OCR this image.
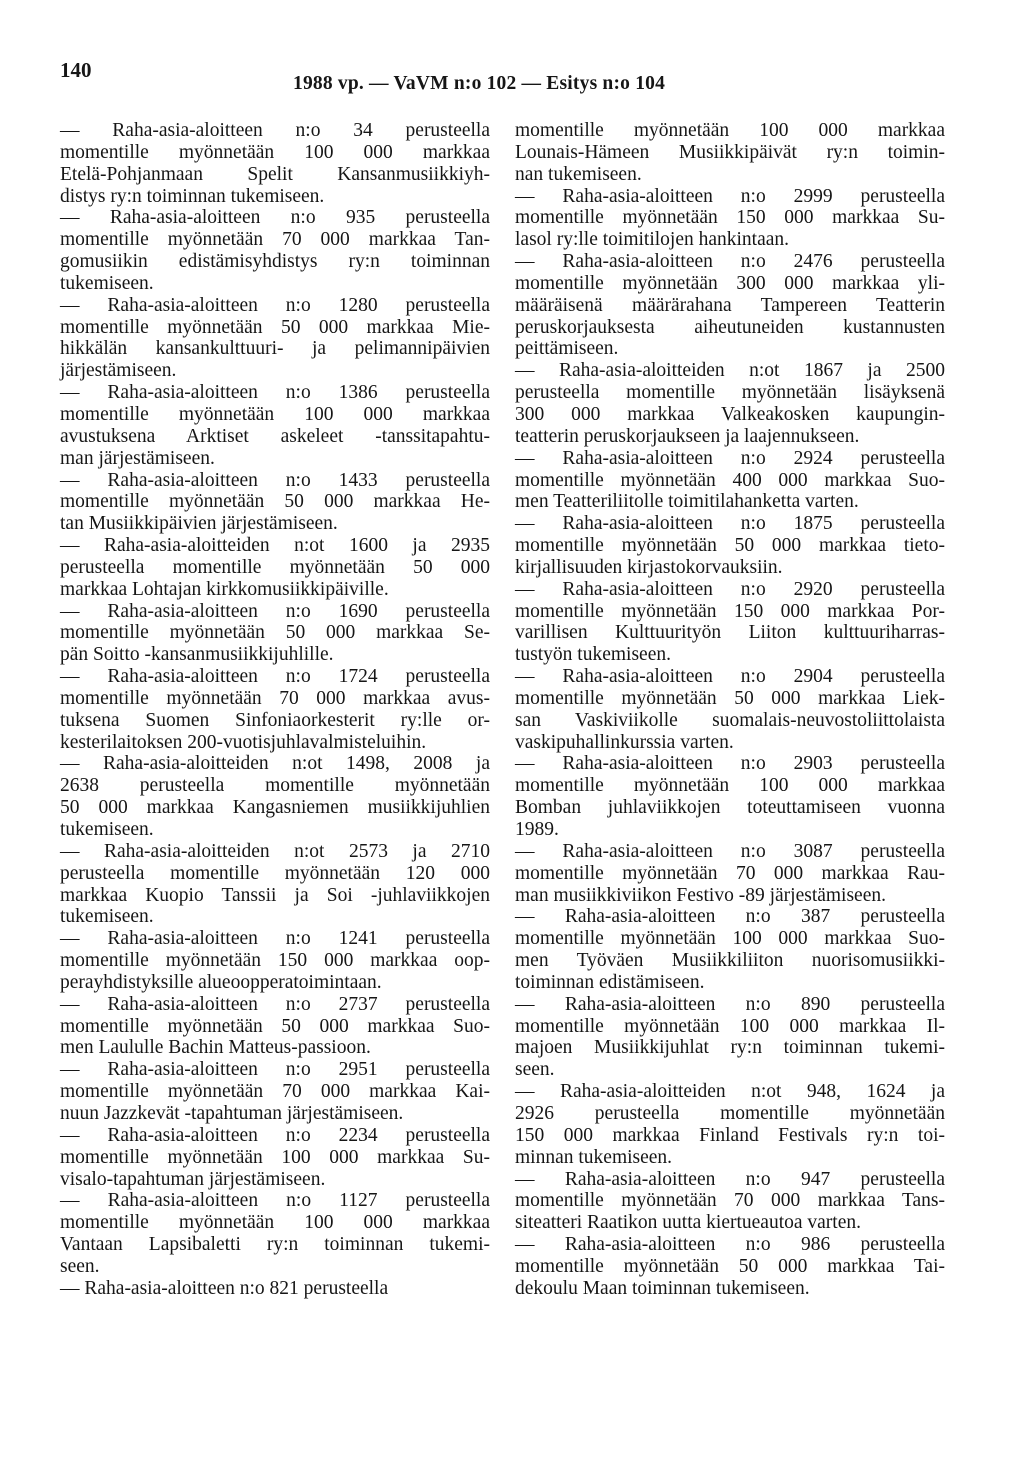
140
1988 vp. — VaVM n:o 102 — Esitys n:o 104
— Raha-asia-aloitteen n:o 34 perusteella
momentille myönnetään 100 000 markkaa
Etelä-Pohjanmaan Spelit Kansanmusiikkiyh-
distys ry:n toiminnan tukemiseen.
— Raha-asia-aloitteen n:o 935 perusteella
momentille myönnetään 70 000 markkaa Tan-
gomusiikin edistämisyhdistys ry:n toiminnan
tukemiseen.
— Raha-asia-aloitteen n:o 1280 perusteella
momentille myönnetään 50 000 markkaa Mie-
hikkälän kansankulttuuri- ja pelimannipäivien
järjestämiseen.
— Raha-asia-aloitteen n:o 1386 perusteella
momentille myönnetään 100 000 markkaa
avustuksena Arktiset askeleet -tanssitapahtu-
man järjestämiseen.
— Raha-asia-aloitteen n:o 1433 perusteella
momentille myönnetään 50 000 markkaa He-
tan Musiikkipäivien järjestämiseen.
— Raha-asia-aloitteiden n:ot 1600 ja 2935
perusteella momentille myönnetään 50 000
markkaa Lohtajan kirkkomusiikkipäiville.
— Raha-asia-aloitteen n:o 1690 perusteella
momentille myönnetään 50 000 markkaa Se-
pän Soitto -kansanmusiikkijuhlille.
— Raha-asia-aloitteen n:o 1724 perusteella
momentille myönnetään 70 000 markkaa avus-
tuksena Suomen Sinfoniaorkesterit ry:lle or-
kesterilaitoksen 200-vuotisjuhlavalmisteluihin.
— Raha-asia-aloitteiden n:ot 1498, 2008 ja
2638 perusteella momentille myönnetään
50 000 markkaa Kangasniemen musiikkijuhlien
tukemiseen.
— Raha-asia-aloitteiden n:ot 2573 ja 2710
perusteella momentille myönnetään 120 000
markkaa Kuopio Tanssii ja Soi -juhlaviikkojen
tukemiseen.
— Raha-asia-aloitteen n:o 1241 perusteella
momentille myönnetään 150 000 markkaa oop-
perayhdistyksille alueoopperatoimintaan.
— Raha-asia-aloitteen n:o 2737 perusteella
momentille myönnetään 50 000 markkaa Suo-
men Laululle Bachin Matteus-passioon.
— Raha-asia-aloitteen n:o 2951 perusteella
momentille myönnetään 70 000 markkaa Kai-
nuun Jazzkevät -tapahtuman järjestämiseen.
— Raha-asia-aloitteen n:o 2234 perusteella
momentille myönnetään 100 000 markkaa Su-
visalo-tapahtuman järjestämiseen.
— Raha-asia-aloitteen n:o 1127 perusteella
momentille myönnetään 100 000 markkaa
Vantaan Lapsibaletti ry:n toiminnan tukemi-
seen.
— Raha-asia-aloitteen n:o 821 perusteella
momentille myönnetään 100 000 markkaa
Lounais-Hämeen Musiikkipäivät ry:n toimin-
nan tukemiseen.
— Raha-asia-aloitteen n:o 2999 perusteella
momentille myönnetään 150 000 markkaa Su-
lasol ry:lle toimitilojen hankintaan.
— Raha-asia-aloitteen n:o 2476 perusteella
momentille myönnetään 300 000 markkaa yli-
määräisenä määrärahana Tampereen Teatterin
peruskorjauksesta aiheutuneiden kustannusten
peittämiseen.
— Raha-asia-aloitteiden n:ot 1867 ja 2500
perusteella momentille myönnetään lisäyksenä
300 000 markkaa Valkeakosken kaupungin-
teatterin peruskorjaukseen ja laajennukseen.
— Raha-asia-aloitteen n:o 2924 perusteella
momentille myönnetään 400 000 markkaa Suo-
men Teatteriliitolle toimitilahanketta varten.
— Raha-asia-aloitteen n:o 1875 perusteella
momentille myönnetään 50 000 markkaa tieto-
kirjallisuuden kirjastokorvauksiin.
— Raha-asia-aloitteen n:o 2920 perusteella
momentille myönnetään 150 000 markkaa Por-
varillisen Kulttuurityön Liiton kulttuuriharras-
tustyön tukemiseen.
— Raha-asia-aloitteen n:o 2904 perusteella
momentille myönnetään 50 000 markkaa Liek-
san Vaskiviikolle suomalais-neuvostoliittolaista
vaskipuhallinkurssia varten.
— Raha-asia-aloitteen n:o 2903 perusteella
momentille myönnetään 100 000 markkaa
Bomban juhlaviikkojen toteuttamiseen vuonna
1989.
— Raha-asia-aloitteen n:o 3087 perusteella
momentille myönnetään 70 000 markkaa Rau-
man musiikkiviikon Festivo -89 järjestämiseen.
— Raha-asia-aloitteen n:o 387 perusteella
momentille myönnetään 100 000 markkaa Suo-
men Työväen Musiikkiliiton nuorisomusiikki-
toiminnan edistämiseen.
— Raha-asia-aloitteen n:o 890 perusteella
momentille myönnetään 100 000 markkaa Il-
majoen Musiikkijuhlat ry:n toiminnan tukemi-
seen.
— Raha-asia-aloitteiden n:ot 948, 1624 ja
2926 perusteella momentille myönnetään
150 000 markkaa Finland Festivals ry:n toi-
minnan tukemiseen.
— Raha-asia-aloitteen n:o 947 perusteella
momentille myönnetään 70 000 markkaa Tans-
siteatteri Raatikon uutta kiertueautoa varten.
— Raha-asia-aloitteen n:o 986 perusteella
momentille myönnetään 50 000 markkaa Tai-
dekoulu Maan toiminnan tukemiseen.
